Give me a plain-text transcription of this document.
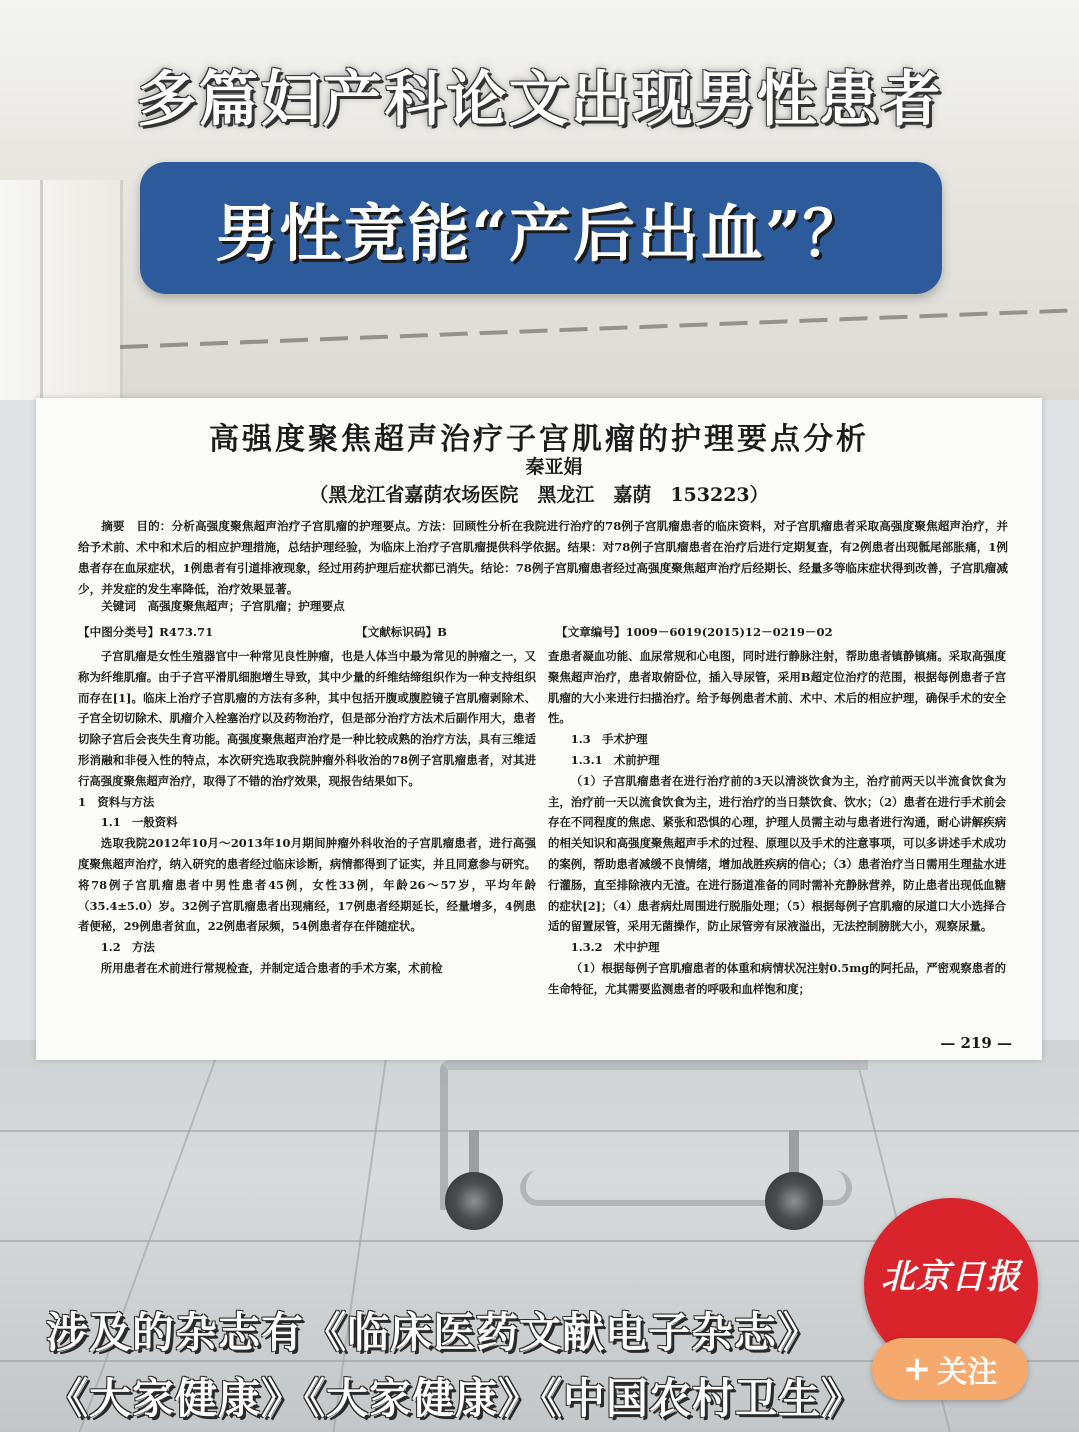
多篇妇产科论文出现男性患者
男性竟能“产后出血”？
高强度聚焦超声治疗子宫肌瘤的护理要点分析
秦亚娟
（黑龙江省嘉荫农场医院　黑龙江　嘉荫　153223）
摘要　目的：分析高强度聚焦超声治疗子宫肌瘤的护理要点。方法：回顾性分析在我院进行治疗的78例子宫肌瘤患者的临床资料，对子宫肌瘤患者采取高强度聚焦超声治疗，并给予术前、术中和术后的相应护理措施，总结护理经验，为临床上治疗子宫肌瘤提供科学依据。结果：对78例子宫肌瘤患者在治疗后进行定期复查，有2例患者出现骶尾部胀痛，1例患者存在血尿症状，1例患者有引道排液现象，经过用药护理后症状都已消失。结论：78例子宫肌瘤患者经过高强度聚焦超声治疗后经期长、经量多等临床症状得到改善，子宫肌瘤减少，并发症的发生率降低，治疗效果显著。
关键词　高强度聚焦超声；子宫肌瘤；护理要点
【中图分类号】R473.71	【文献标识码】B	【文章编号】1009－6019(2015)12－0219－02

子宫肌瘤是女性生殖器官中一种常见良性肿瘤，也是人体当中最为常见的肿瘤之一，又称为纤维肌瘤。由于子宫平滑肌细胞增生导致，其中少量的纤维结缔组织作为一种支持组织而存在[1]。临床上治疗子宫肌瘤的方法有多种，其中包括开腹或腹腔镜子宫肌瘤剥除术、子宫全切切除术、肌瘤介入栓塞治疗以及药物治疗，但是部分治疗方法术后副作用大，患者切除子宫后会丧失生育功能。高强度聚焦超声治疗是一种比较成熟的治疗方法，具有三维适形消融和非侵入性的特点，本次研究选取我院肿瘤外科收治的78例子宫肌瘤患者，对其进行高强度聚焦超声治疗，取得了不错的治疗效果，现报告结果如下。

1　资料与方法

1.1　一般资料

选取我院2012年10月～2013年10月期间肿瘤外科收治的子宫肌瘤患者，进行高强度聚焦超声治疗，纳入研究的患者经过临床诊断，病情都得到了证实，并且同意参与研究。将78例子宫肌瘤患者中男性患者45例，女性33例，年龄26～57岁，平均年龄（35.4±5.0）岁。32例子宫肌瘤患者出现痛经，17例患者经期延长，经量增多，4例患者便秘，29例患者贫血，22例患者尿频，54例患者存在伴随症状。

1.2　方法

所用患者在术前进行常规检查，并制定适合患者的手术方案，术前检

查患者凝血功能、血尿常规和心电图，同时进行静脉注射，帮助患者镇静镇痛。采取高强度聚焦超声治疗，患者取俯卧位，插入导尿管，采用B超定位治疗的范围，根据每例患者子宫肌瘤的大小来进行扫描治疗。给予每例患者术前、术中、术后的相应护理，确保手术的安全性。

1.3　手术护理

1.3.1　术前护理

（1）子宫肌瘤患者在进行治疗前的3天以清淡饮食为主，治疗前两天以半流食饮食为主，治疗前一天以流食饮食为主，进行治疗的当日禁饮食、饮水；（2）患者在进行手术前会存在不同程度的焦虑、紧张和恐惧的心理，护理人员需主动与患者进行沟通，耐心讲解疾病的相关知识和高强度聚焦超声手术的过程、原理以及手术的注意事项，可以多讲述手术成功的案例，帮助患者减缓不良情绪，增加战胜疾病的信心；（3）患者治疗当日需用生理盐水进行灌肠，直至排除液内无渣。在进行肠道准备的同时需补充静脉营养，防止患者出现低血糖的症状[2]；（4）患者病灶周围进行脱脂处理；（5）根据每例子宫肌瘤的尿道口大小选择合适的留置尿管，采用无菌操作，防止尿管旁有尿液溢出，无法控制膀胱大小，观察尿量。

1.3.2　术中护理

（1）根据每例子宫肌瘤患者的体重和病情状况注射0.5mg的阿托品，严密观察患者的生命特征，尤其需要监测患者的呼吸和血样饱和度；

— 219 —
涉及的杂志有《临床医药文献电子杂志》
《大家健康》《大家健康》《中国农村卫生》
北京日报
+ 关注
